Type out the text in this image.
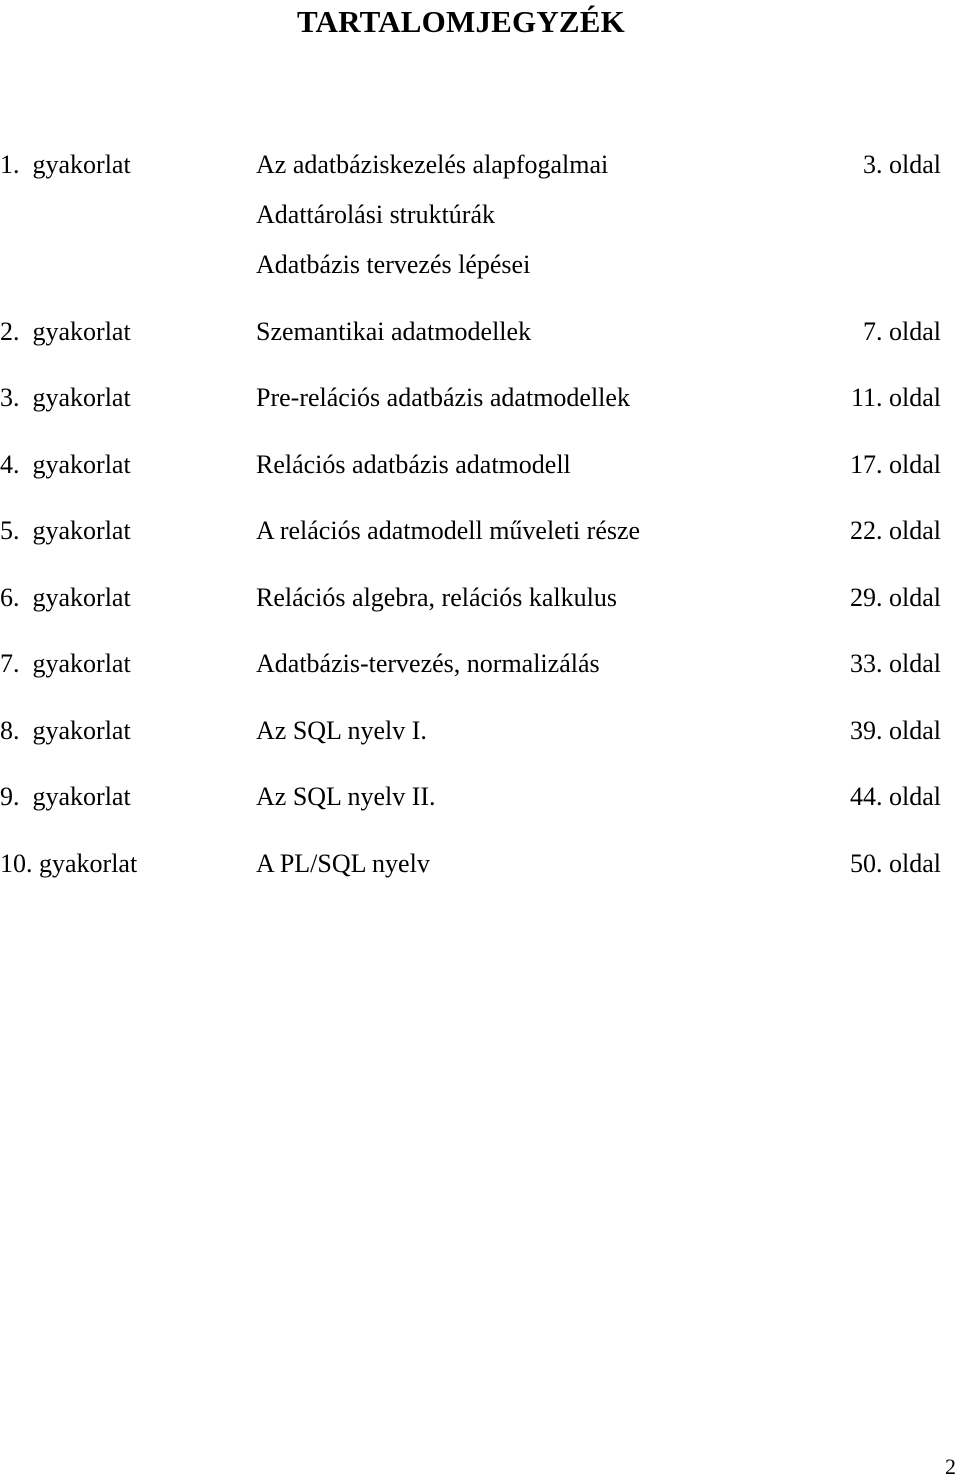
TARTALOMJEGYZÉK
1.  gyakorlat	Az adatbáziskezelés alapfogalmai	3. oldal
Adattárolási struktúrák
Adatbázis tervezés lépései
2.  gyakorlat	Szemantikai adatmodellek	7. oldal
3.  gyakorlat	Pre-relációs adatbázis adatmodellek	11. oldal
4.  gyakorlat	Relációs adatbázis adatmodell	17. oldal
5.  gyakorlat	A relációs adatmodell műveleti része	22. oldal
6.  gyakorlat	Relációs algebra, relációs kalkulus	29. oldal
7.  gyakorlat	Adatbázis-tervezés, normalizálás	33. oldal
8.  gyakorlat	Az SQL nyelv I.	39. oldal
9.  gyakorlat	Az SQL nyelv II.	44. oldal
10. gyakorlat	A PL/SQL nyelv	50. oldal
2
